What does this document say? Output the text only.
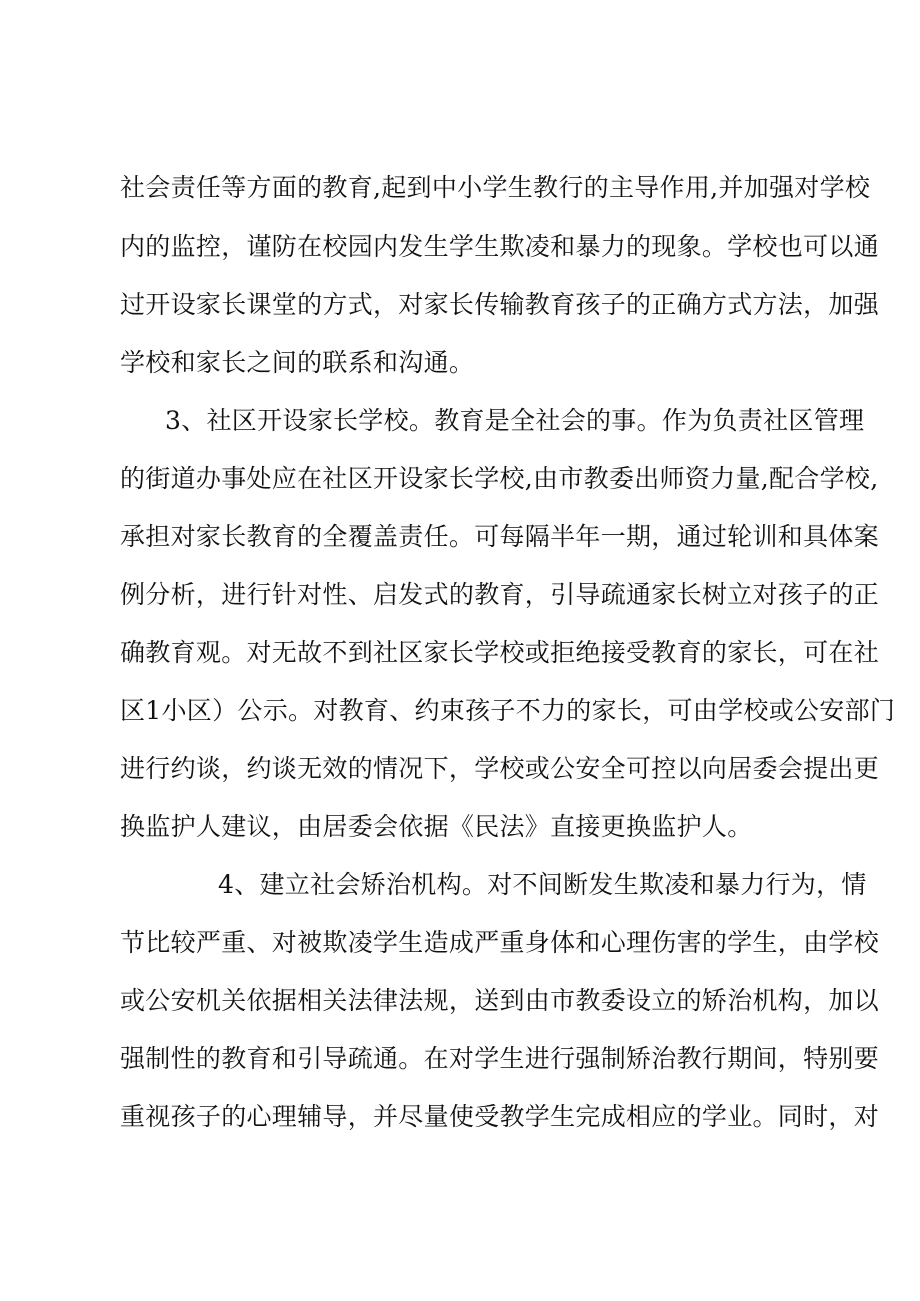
社会责任等方面的教育,起到中小学生教行的主导作用,并加强对学校
内的监控，谨防在校园内发生学生欺凌和暴力的现象。学校也可以通
过开设家长课堂的方式，对家长传输教育孩子的正确方式方法，加强
学校和家长之间的联系和沟通。
3、社区开设家长学校。教育是全社会的事。作为负责社区管理
的街道办事处应在社区开设家长学校,由市教委出师资力量,配合学校,
承担对家长教育的全覆盖责任。可每隔半年一期，通过轮训和具体案
例分析，进行针对性、启发式的教育，引导疏通家长树立对孩子的正
确教育观。对无故不到社区家长学校或拒绝接受教育的家长，可在社
区1小区）公示。对教育、约束孩子不力的家长，可由学校或公安部门
进行约谈，约谈无效的情况下，学校或公安全可控以向居委会提出更
换监护人建议，由居委会依据《民法》直接更换监护人。
4、建立社会矫治机构。对不间断发生欺凌和暴力行为，情
节比较严重、对被欺凌学生造成严重身体和心理伤害的学生，由学校
或公安机关依据相关法律法规，送到由市教委设立的矫治机构，加以
强制性的教育和引导疏通。在对学生进行强制矫治教行期间，特别要
重视孩子的心理辅导，并尽量使受教学生完成相应的学业。同时，对
